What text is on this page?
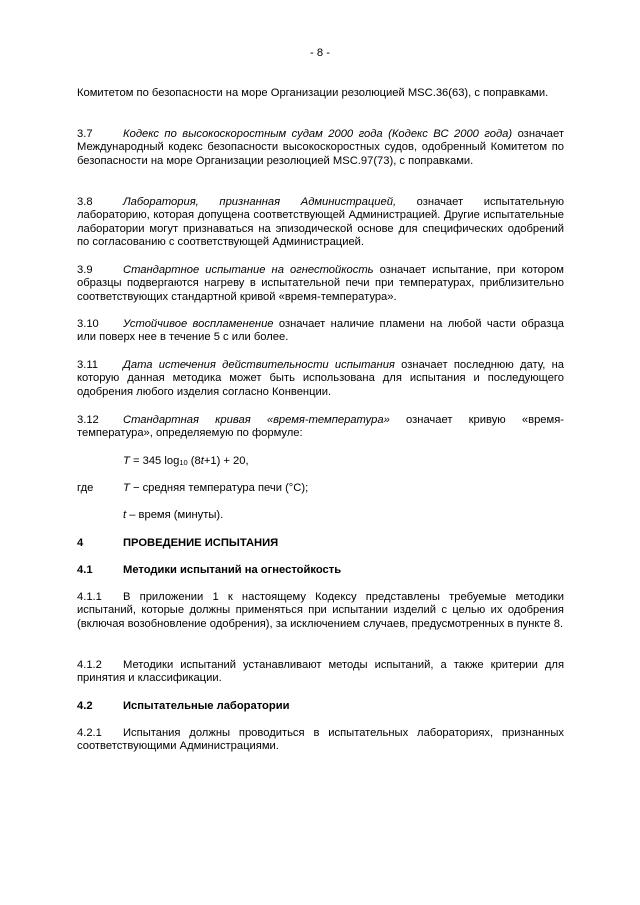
- 8 -

Комитетом по безопасности на море Организации резолюцией MSC.36(63), с поправками.

3.7	Кодекс по высокоскоростным судам 2000 года (Кодекс ВС 2000 года) означает Международный кодекс безопасности высокоскоростных судов, одобренный Комитетом по безопасности на море Организации резолюцией MSC.97(73), с поправками.

3.8	Лаборатория, признанная Администрацией, означает испытательную лабораторию, которая допущена соответствующей Администрацией. Другие испытательные лаборатории могут признаваться на эпизодической основе для специфических одобрений по согласованию с соответствующей Администрацией.

3.9	Стандартное испытание на огнестойкость означает испытание, при котором образцы подвергаются нагреву в испытательной печи при температурах, приблизительно соответствующих стандартной кривой «время-температура».

3.10 Устойчивое воспламенение означает наличие пламени на любой части образца или поверх нее в течение 5 с или более.

3.11 Дата истечения действительности испытания означает последнюю дату, на которую данная методика может быть использована для испытания и последующего одобрения любого изделия согласно Конвенции.

3.12 Стандартная кривая «время-температура» означает кривую «время-температура», определяемую по формуле:

T = 345 $\log_{10} (8t+1) + 20$,
где	T − средняя температура печи (°C);
t – время (минуты).
4	ПРОВЕДЕНИЕ ИСПЫТАНИЯ
4.1	Методики испытаний на огнестойкость

4.1.1 В приложении 1 к настоящему Кодексу представлены требуемые методики испытаний, которые должны применяться при испытании изделий с целью их одобрения (включая возобновление одобрения), за исключением случаев, предусмотренных в пункте 8.

4.1.2 Методики испытаний устанавливают методы испытаний, а также критерии для принятия и классификации.

4.2	Испытательные лаборатории

4.2.1 Испытания должны проводиться в испытательных лабораториях, признанных соответствующими Администрациями.
